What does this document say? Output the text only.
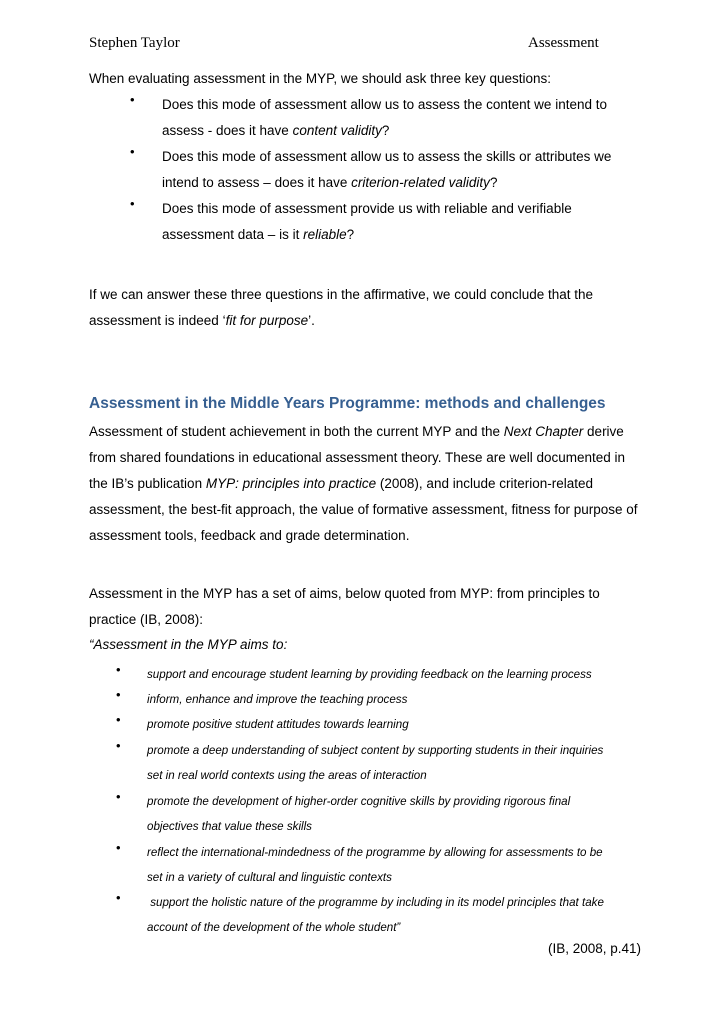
Stephen Taylor	Assessment
When evaluating assessment in the MYP, we should ask three key questions:
• Does this mode of assessment allow us to assess the content we intend to
assess - does it have content validity?
• Does this mode of assessment allow us to assess the skills or attributes we
intend to assess – does it have criterion-related validity?
• Does this mode of assessment provide us with reliable and verifiable
assessment data – is it reliable?
If we can answer these three questions in the affirmative, we could conclude that the
assessment is indeed ‘fit for purpose’.
Assessment in the Middle Years Programme: methods and challenges
Assessment of student achievement in both the current MYP and the Next Chapter derive
from shared foundations in educational assessment theory. These are well documented in
the IB’s publication MYP: principles into practice (2008), and include criterion-related
assessment, the best-fit approach, the value of formative assessment, fitness for purpose of
assessment tools, feedback and grade determination.
Assessment in the MYP has a set of aims, below quoted from MYP: from principles to
practice (IB, 2008):
“Assessment in the MYP aims to:
• support and encourage student learning by providing feedback on the learning process
• inform, enhance and improve the teaching process
• promote positive student attitudes towards learning
• promote a deep understanding of subject content by supporting students in their inquiries
set in real world contexts using the areas of interaction
• promote the development of higher-order cognitive skills by providing rigorous final
objectives that value these skills
• reflect the international-mindedness of the programme by allowing for assessments to be
set in a variety of cultural and linguistic contexts
• support the holistic nature of the programme by including in its model principles that take
account of the development of the whole student”
(IB, 2008, p.41)
